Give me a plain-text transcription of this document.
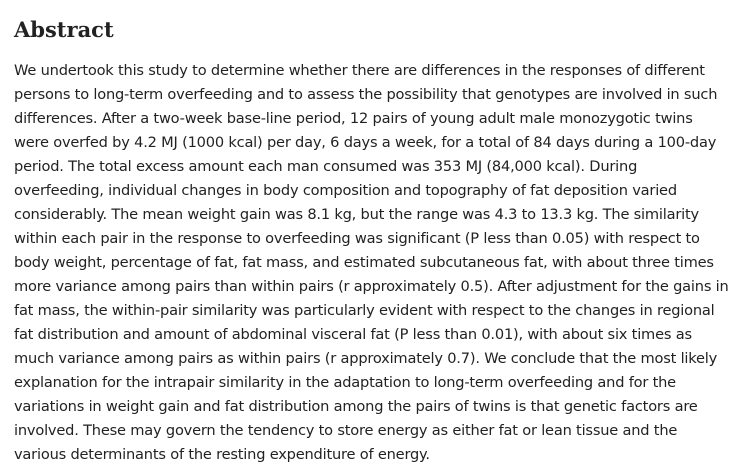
Abstract

We undertook this study to determine whether there are differences in the responses of different persons to long-term overfeeding and to assess the possibility that genotypes are involved in such differences. After a two-week base-line period, 12 pairs of young adult male monozygotic twins were overfed by 4.2 MJ (1000 kcal) per day, 6 days a week, for a total of 84 days during a 100-day period. The total excess amount each man consumed was 353 MJ (84,000 kcal). During overfeeding, individual changes in body composition and topography of fat deposition varied considerably. The mean weight gain was 8.1 kg, but the range was 4.3 to 13.3 kg. The similarity within each pair in the response to overfeeding was significant (P less than 0.05) with respect to body weight, percentage of fat, fat mass, and estimated subcutaneous fat, with about three times more variance among pairs than within pairs (r approximately 0.5). After adjustment for the gains in fat mass, the within-pair similarity was particularly evident with respect to the changes in regional fat distribution and amount of abdominal visceral fat (P less than 0.01), with about six times as much variance among pairs as within pairs (r approximately 0.7). We conclude that the most likely explanation for the intrapair similarity in the adaptation to long-term overfeeding and for the variations in weight gain and fat distribution among the pairs of twins is that genetic factors are involved. These may govern the tendency to store energy as either fat or lean tissue and the various determinants of the resting expenditure of energy.
